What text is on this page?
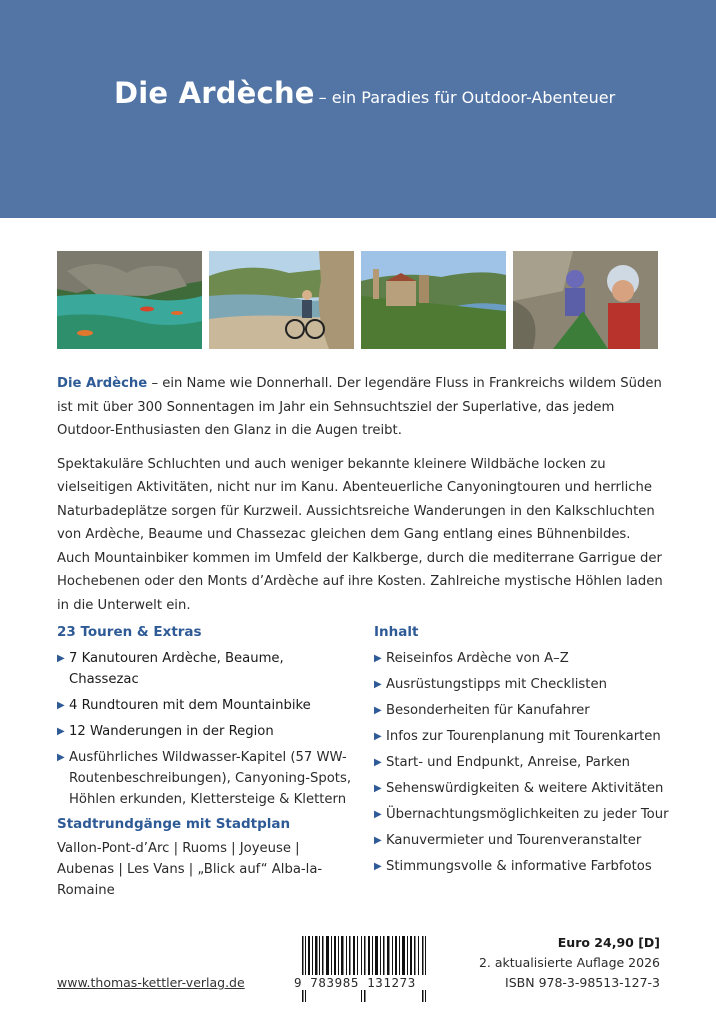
Die Ardèche – ein Paradies für Outdoor-Abenteuer

Die Ardèche – ein Name wie Donnerhall. Der legendäre Fluss in Frankreichs wildem Süden ist mit über 300 Sonnentagen im Jahr ein Sehnsuchtsziel der Superlative, das jedem Outdoor-Enthusiasten den Glanz in die Augen treibt.

Spektakuläre Schluchten und auch weniger bekannte kleinere Wildbäche locken zu vielseitigen Aktivitäten, nicht nur im Kanu. Abenteuerliche Canyoningtouren und herrliche Naturbadeplätze sorgen für Kurzweil. Aussichtsreiche Wanderungen in den Kalkschluchten von Ardèche, Beaume und Chassezac gleichen dem Gang entlang eines Bühnenbildes. Auch Mountainbiker kommen im Umfeld der Kalkberge, durch die mediterrane Garrigue der Hochebenen oder den Monts d’Ardèche auf ihre Kosten. Zahlreiche mystische Höhlen laden in die Unterwelt ein.

23 Touren & Extras
▶ 7 Kanutouren Ardèche, Beaume, Chassezac
▶ 4 Rundtouren mit dem Mountainbike
▶ 12 Wanderungen in der Region
▶ Ausführliches Wildwasser-Kapitel (57 WW-Routenbeschreibungen), Canyoning-Spots, Höhlen erkunden, Klettersteige & Klettern
Stadtrundgänge mit Stadtplan
Vallon-Pont-d’Arc | Ruoms | Joyeuse | Aubenas | Les Vans | „Blick auf“ Alba-la-Romaine
Inhalt
▶ Reiseinfos Ardèche von A–Z
▶ Ausrüstungstipps mit Checklisten
▶ Besonderheiten für Kanufahrer
▶ Infos zur Tourenplanung mit Tourenkarten
▶ Start- und Endpunkt, Anreise, Parken
▶ Sehenswürdigkeiten & weitere Aktivitäten
▶ Übernachtungsmöglichkeiten zu jeder Tour
▶ Kanuvermieter und Tourenveranstalter
▶ Stimmungsvolle & informative Farbfotos
www.thomas-kettler-verlag.de	9 783985 131273
Euro 24,90 [D]
2. aktualisierte Auflage 2026
ISBN 978-3-98513-127-3
